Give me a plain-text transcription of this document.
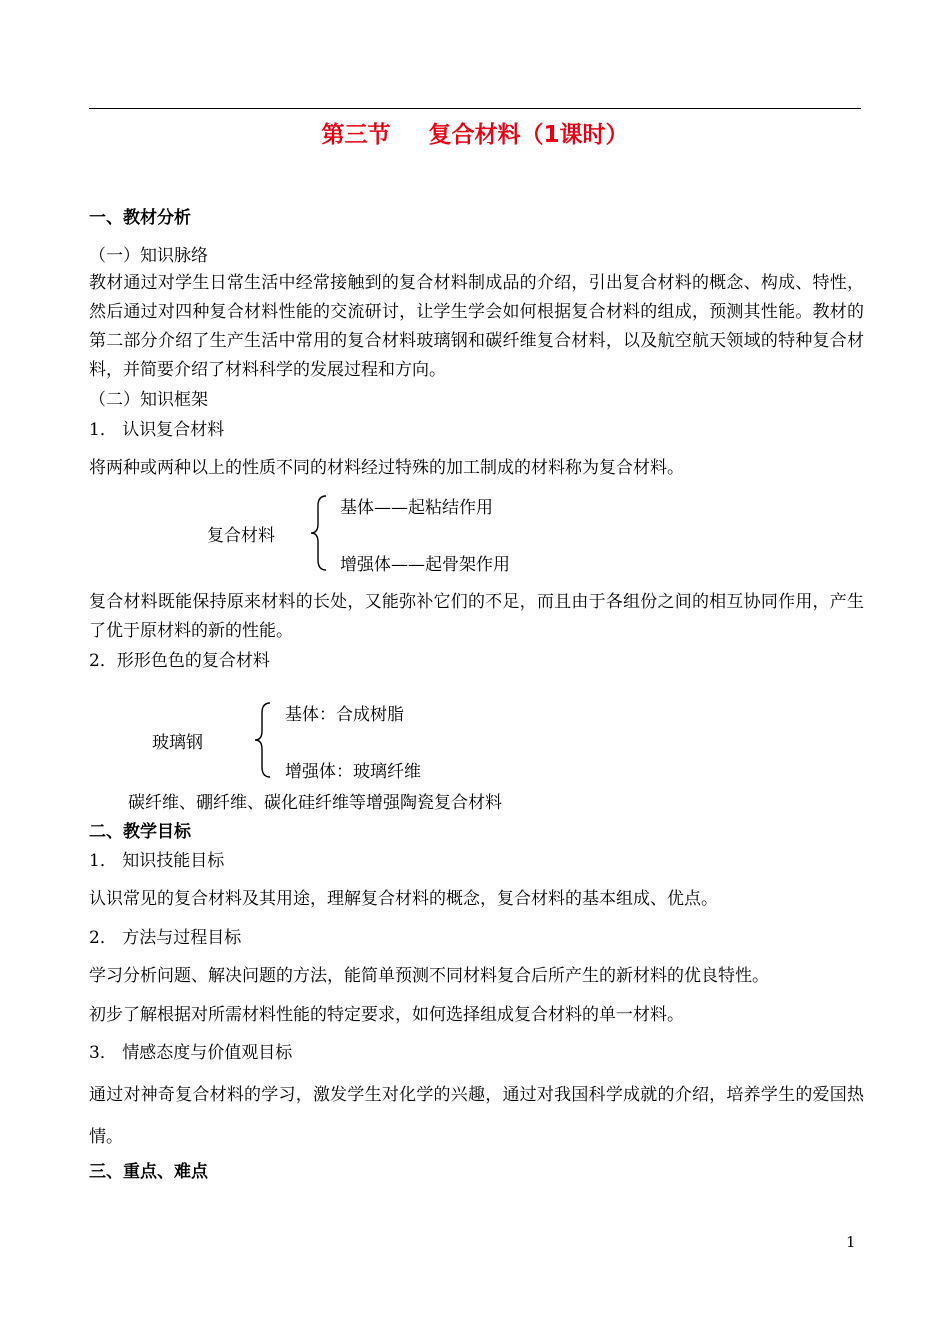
第三节 复合材料（1课时）
一、教材分析
（一）知识脉络
教材通过对学生日常生活中经常接触到的复合材料制成品的介绍，引出复合材料的概念、构成、特性，然后通过对四种复合材料性能的交流研讨，让学生学会如何根据复合材料的组成，预测其性能。教材的第二部分介绍了生产生活中常用的复合材料玻璃钢和碳纤维复合材料，以及航空航天领域的特种复合材料，并简要介绍了材料科学的发展过程和方向。
（二）知识框架
1． 认识复合材料
将两种或两种以上的性质不同的材料经过特殊的加工制成的材料称为复合材料。
复合材料
基体——起粘结作用
增强体——起骨架作用
复合材料既能保持原来材料的长处，又能弥补它们的不足，而且由于各组份之间的相互协同作用，产生了优于原材料的新的性能。
2．形形色色的复合材料
玻璃钢
基体：合成树脂
增强体：玻璃纤维
碳纤维、硼纤维、碳化硅纤维等增强陶瓷复合材料
二、教学目标
1． 知识技能目标
认识常见的复合材料及其用途，理解复合材料的概念，复合材料的基本组成、优点。
2． 方法与过程目标
学习分析问题、解决问题的方法，能简单预测不同材料复合后所产生的新材料的优良特性。
初步了解根据对所需材料性能的特定要求，如何选择组成复合材料的单一材料。
3． 情感态度与价值观目标
通过对神奇复合材料的学习，激发学生对化学的兴趣，通过对我国科学成就的介绍，培养学生的爱国热情。
三、重点、难点
1
